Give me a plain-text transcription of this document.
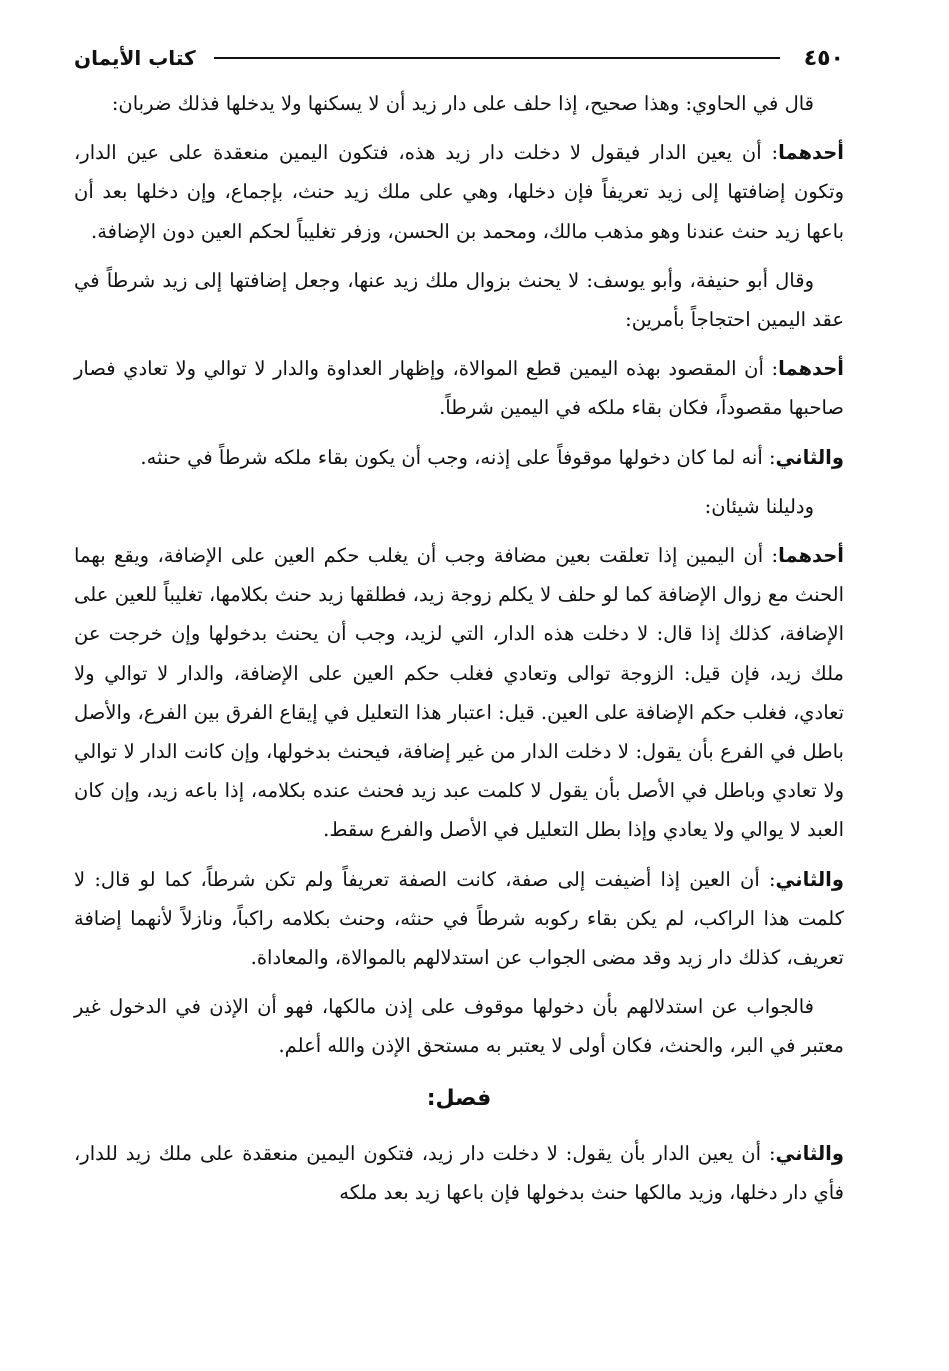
كتاب الأيمان	٤٥٠

قال في الحاوي: وهذا صحيح، إذا حلف على دار زيد أن لا يسكنها ولا يدخلها فذلك ضربان:

أحدهما: أن يعين الدار فيقول لا دخلت دار زيد هذه، فتكون اليمين منعقدة على عين الدار، وتكون إضافتها إلى زيد تعريفاً فإن دخلها، وهي على ملك زيد حنث، بإجماع، وإن دخلها بعد أن باعها زيد حنث عندنا وهو مذهب مالك، ومحمد بن الحسن، وزفر تغليباً لحكم العين دون الإضافة.

وقال أبو حنيفة، وأبو يوسف: لا يحنث بزوال ملك زيد عنها، وجعل إضافتها إلى زيد شرطاً في عقد اليمين احتجاجاً بأمرين:

أحدهما: أن المقصود بهذه اليمين قطع الموالاة، وإظهار العداوة والدار لا توالي ولا تعادي فصار صاحبها مقصوداً، فكان بقاء ملكه في اليمين شرطاً.

والثاني: أنه لما كان دخولها موقوفاً على إذنه، وجب أن يكون بقاء ملكه شرطاً في حنثه.

ودليلنا شيئان:

أحدهما: أن اليمين إذا تعلقت بعين مضافة وجب أن يغلب حكم العين على الإضافة، ويقع بهما الحنث مع زوال الإضافة كما لو حلف لا يكلم زوجة زيد، فطلقها زيد حنث بكلامها، تغليباً للعين على الإضافة، كذلك إذا قال: لا دخلت هذه الدار، التي لزيد، وجب أن يحنث بدخولها وإن خرجت عن ملك زيد، فإن قيل: الزوجة توالى وتعادي فغلب حكم العين على الإضافة، والدار لا توالي ولا تعادي، فغلب حكم الإضافة على العين. قيل: اعتبار هذا التعليل في إيقاع الفرق بين الفرع، والأصل باطل في الفرع بأن يقول: لا دخلت الدار من غير إضافة، فيحنث بدخولها، وإن كانت الدار لا توالي ولا تعادي وباطل في الأصل بأن يقول لا كلمت عبد زيد فحنث عنده بكلامه، إذا باعه زيد، وإن كان العبد لا يوالي ولا يعادي وإذا بطل التعليل في الأصل والفرع سقط.

والثاني: أن العين إذا أضيفت إلى صفة، كانت الصفة تعريفاً ولم تكن شرطاً، كما لو قال: لا كلمت هذا الراكب، لم يكن بقاء ركوبه شرطاً في حنثه، وحنث بكلامه راكباً، ونازلاً لأنهما إضافة تعريف، كذلك دار زيد وقد مضى الجواب عن استدلالهم بالموالاة، والمعاداة.

فالجواب عن استدلالهم بأن دخولها موقوف على إذن مالكها، فهو أن الإذن في الدخول غير معتبر في البر، والحنث، فكان أولى لا يعتبر به مستحق الإذن والله أعلم.

فصل:

والثاني: أن يعين الدار بأن يقول: لا دخلت دار زيد، فتكون اليمين منعقدة على ملك زيد للدار، فأي دار دخلها، وزيد مالكها حنث بدخولها فإن باعها زيد بعد ملكه
